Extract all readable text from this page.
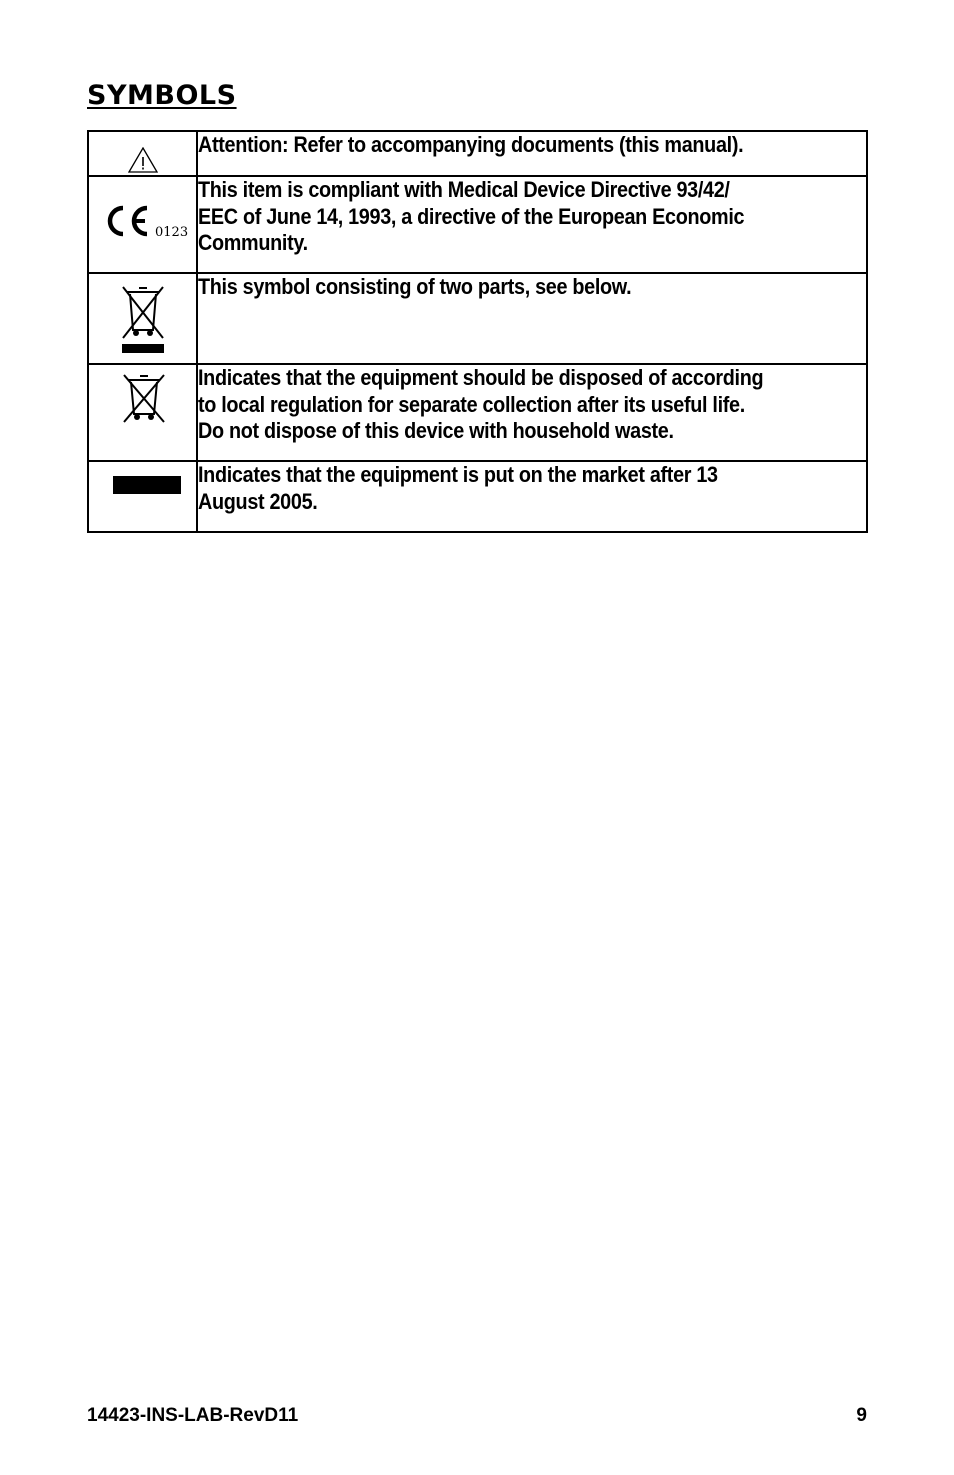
SYMBOLS

Attention: Refer to accompanying documents (this manual).

0123	This item is compliant with Medical Device Directive 93/42/
EEC of June 14, 1993, a directive of the European Economic
Community.

This symbol consisting of two parts, see below.

Indicates that the equipment should be disposed of according
to local regulation for separate collection after its useful life.
Do not dispose of this device with household waste.

Indicates that the equipment is put on the market after 13
August 2005.
14423-INS-LAB-RevD11	9
